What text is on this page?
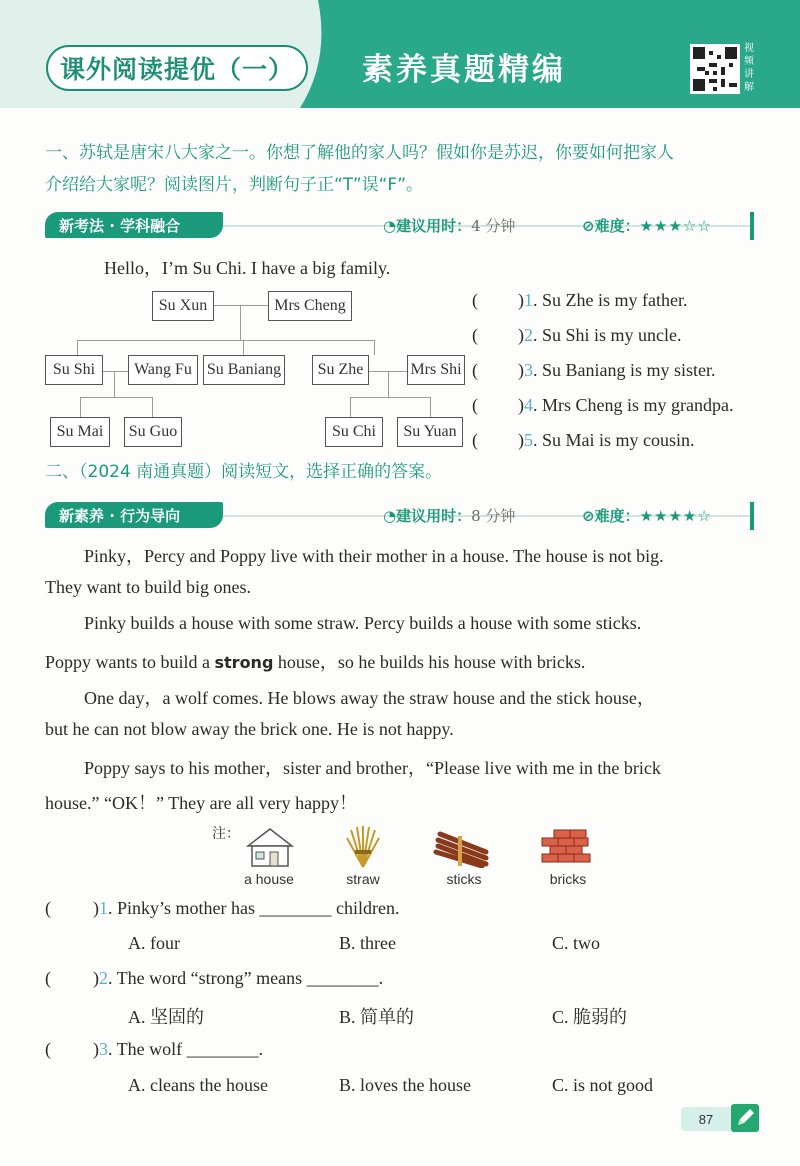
课外阅读提优（一）	素养真题精编
视频讲解
一、苏轼是唐宋八大家之一。你想了解他的家人吗？假如你是苏迟，你要如何把家人
介绍给大家呢？阅读图片，判断句子正“T”误“F”。
新考法 · 学科融合	◔建议用时：4 分钟	⊘难度：★★★☆☆
Hello，I’m Su Chi. I have a big family.
Su Xun	Mrs Cheng
Su Shi	Wang Fu Su Baniang	Su Zhe	Mrs Shi
Su Mai	Su Guo	Su Chi	Su Yuan
( )1. Su Zhe is my father.
( )2. Su Shi is my uncle.
( )3. Su Baniang is my sister.
( )4. Mrs Cheng is my grandpa.
( )5. Su Mai is my cousin.
二、（2024 南通真题）阅读短文，选择正确的答案。
新素养 · 行为导向	◔建议用时：8 分钟	⊘难度：★★★★☆
Pinky，Percy and Poppy live with their mother in a house. The house is not big.
They want to build big ones.
Pinky builds a house with some straw. Percy builds a house with some sticks.
Poppy wants to build a strong house，so he builds his house with bricks.
One day，a wolf comes. He blows away the straw house and the stick house，
but he can not blow away the brick one. He is not happy.
Poppy says to his mother，sister and brother，“Please live with me in the brick
house.” “OK！” They are all very happy！
注：
a house	straw	sticks	bricks
( )1. Pinky’s mother has ________ children.
A. four	B. three	C. two
( )2. The word “strong” means ________.
A. 坚固的	B. 简单的	C. 脆弱的
( )3. The wolf ________.
A. cleans the house	B. loves the house	C. is not good
87
